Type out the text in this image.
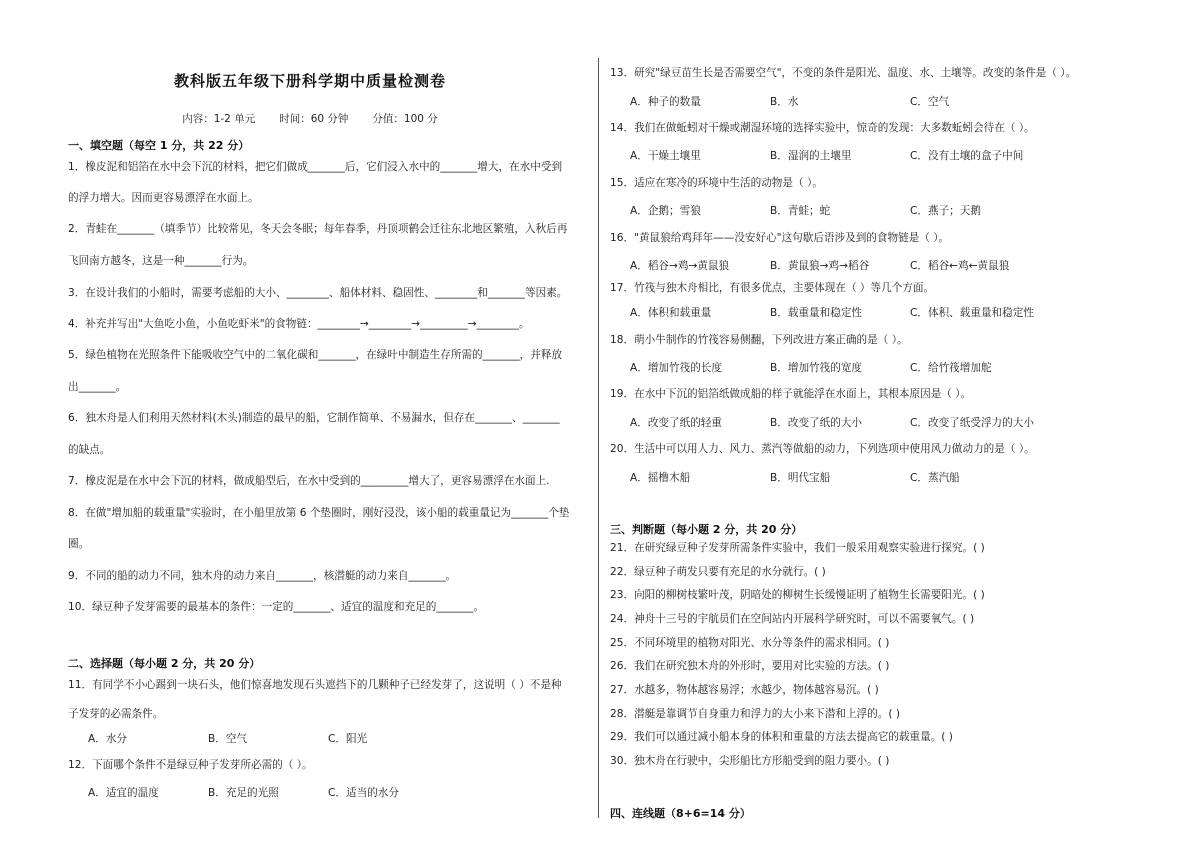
教科版五年级下册科学期中质量检测卷
内容：1-2 单元 时间：60 分钟 分值：100 分
一、填空题（每空 1 分，共 22 分）
1．橡皮泥和铝箔在水中会下沉的材料，把它们做成_______后，它们浸入水中的_______增大，在水中受到
的浮力增大。因而更容易漂浮在水面上。
2．青蛙在_______（填季节）比较常见，冬天会冬眠；每年春季，丹顶项鹤会迁往东北地区繁殖，入秋后再
飞回南方越冬，这是一种_______行为。
3．在设计我们的小船时，需要考虑船的大小、________、船体材料、稳固性、________和_______等因素。
4．补充并写出"大鱼吃小鱼，小鱼吃虾米"的食物链：________→________→_________→________。
5．绿色植物在光照条件下能吸收空气中的二氧化碳和_______，在绿叶中制造生存所需的_______，并释放
出_______。
6．独木舟是人们利用天然材料(木头)制造的最早的船，它制作简单、不易漏水，但存在_______、_______
的缺点。
7．橡皮泥是在水中会下沉的材料，做成船型后，在水中受到的_________增大了，更容易漂浮在水面上.
8．在做"增加船的载重量"实验时，在小船里放第 6 个垫圈时，刚好浸没，该小船的载重量记为_______个垫
圈。
9．不同的船的动力不同，独木舟的动力来自_______，核潜艇的动力来自_______。
10．绿豆种子发芽需要的最基本的条件：一定的_______、适宜的温度和充足的_______。
二、选择题（每小题 2 分，共 20 分）
11．有同学不小心踢到一块石头，他们惊喜地发现石头遮挡下的几颗种子已经发芽了，这说明（ ）不是种
子发芽的必需条件。
A．水分	B．空气	C．阳光
12．下面哪个条件不是绿豆种子发芽所必需的（ ）。
A．适宜的温度	B．充足的光照	C．适当的水分
13．研究"绿豆苗生长是否需要空气"，不变的条件是阳光、温度、水、土壤等。改变的条件是（ ）。
A．种子的数量	B．水	C．空气
14．我们在做蚯蚓对干燥或潮湿环境的选择实验中，惊奇的发现：大多数蚯蚓会待在（ ）。
A．干燥土壤里	B．湿润的土壤里	C．没有土壤的盒子中间
15．适应在寒冷的环境中生活的动物是（ ）。
A．企鹅；雪狼	B．青蛙；蛇	C．燕子；天鹅
16．"黄鼠狼给鸡拜年——没安好心"这句歇后语涉及到的食物链是（ ）。
A．稻谷→鸡→黄鼠狼	B．黄鼠狼→鸡→稻谷	C．稻谷←鸡←黄鼠狼
17．竹筏与独木舟相比，有很多优点，主要体现在（ ）等几个方面。
A．体积和载重量	B．载重量和稳定性	C．体积、载重量和稳定性
18．萌小牛制作的竹筏容易侧翻，下列改进方案正确的是（ ）。
A．增加竹筏的长度	B．增加竹筏的宽度	C．给竹筏增加舵
19．在水中下沉的铝箔纸做成船的样子就能浮在水面上，其根本原因是（ ）。
A．改变了纸的轻重	B．改变了纸的大小	C．改变了纸受浮力的大小
20．生活中可以用人力、风力、蒸汽等做船的动力，下列选项中使用风力做动力的是（ ）。
A．摇橹木船	B．明代宝船	C．蒸汽船
三、判断题（每小题 2 分，共 20 分）
21．在研究绿豆种子发芽所需条件实验中，我们一般采用观察实验进行探究。( )
22．绿豆种子萌发只要有充足的水分就行。( )
23．向阳的柳树枝繁叶茂，阴暗处的柳树生长缓慢证明了植物生长需要阳光。( )
24．神舟十三号的宇航员们在空间站内开展科学研究时，可以不需要氧气。( )
25．不同环境里的植物对阳光、水分等条件的需求相同。( )
26．我们在研究独木舟的外形时，要用对比实验的方法。( )
27．水越多，物体越容易浮；水越少，物体越容易沉。( )
28．潜艇是靠调节自身重力和浮力的大小来下潜和上浮的。( )
29．我们可以通过减小船本身的体积和重量的方法去提高它的载重量。( )
30．独木舟在行驶中，尖形船比方形船受到的阻力要小。( )
四、连线题（8+6=14 分）
